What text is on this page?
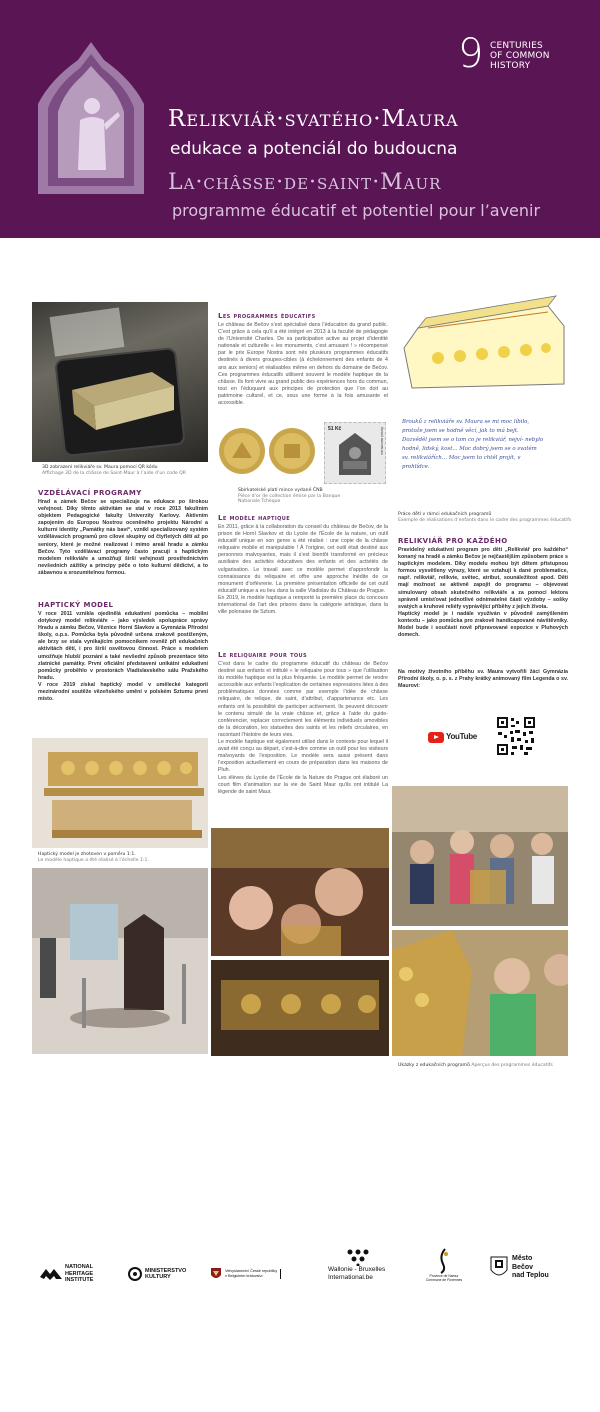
9 CENTURIES
OF COMMON
HISTORY
Relikviář·svatého·Maura
edukace a potenciál do budoucna
La·châsse·de·saint·Maur
programme éducatif et potentiel pour l’avenir
3D zobrazení relikviáře sv. Maura pomocí QR kódu
Affichage 3D de la châsse de Saint-Maur à l’aide d’un code QR
VZDĚLÁVACÍ PROGRAMY
Hrad a zámek Bečov se specializuje na edukace po širokou veřejnost. Díky těmto aktivitám se stal v roce 2013 fakultním objektem Pedagogické fakulty Univerzity Karlovy. Aktivním zapojením do Europou Nostrou oceněného projektu Národní a kulturní identity „Památky nás baví“, vznikl specializovaný systém vzdělávacích programů pro cílové skupiny od čtyřletých dětí až po seniory, které je možné realizovat i mimo areál hradu a zámku Bečov. Tyto vzdělávací programy často pracují s haptickým modelem relikviáře a umožňují širší veřejnosti prostřednictvím nevšedních zážitky a principy péče o toto kulturní dědictví, a to zábavnou a srozumitelnou formou.
HAPTICKÝ MODEL
V roce 2011 vznikla ojedinělá edukativní pomůcka – mobilní dotykový model relikviáře – jako výsledek spolupráce správy Hradu a zámku Bečov, Věznice Horní Slavkov a Gymnázia Přírodní školy, o.p.s. Pomůcka byla původně určena zrakově postiženým, ale brzy se stala vynikajícím pomocníkem rovněž při edukačních aktivitách dětí, i pro širší osvětovou činnost. Práce s modelem umožňuje hlubší poznání a také nevšední způsob prezentace této zlatnické památky. První oficiální představení unikátní edukativní pomůcky proběhlo v prostorách Vladislavského sálu Pražského hradu.
V roce 2019 získal haptický model v umělecké kategorii mezinárodní soutěže vězeňského umění v polském Sztumu první místo.
Haptický model je zhotoven v poměru 1:1.
Le modèle haptique a été réalisé à l’échelle 1:1.
Les programmes éducatifs
Le château de Bečov s’est spécialisé dans l’éducation du grand public. C’est grâce à cela qu’il a été intégré en 2013 à la faculté de pédagogie de l’Université Charles. De sa participation active au projet d’identité nationale et culturelle « les monuments, c’est amusant ! » récompensé par le prix Europe Nostra sont nés plusieurs programmes éducatifs destinés à divers groupes-cibles (à échelonnement des enfants de 4 ans aux seniors) et réalisables même en dehors du domaine de Bečov. Ces programmes éducatifs utilisent souvent le modèle haptique de la châsse. Ils font vivre au grand public des expériences hors du commun, tout en l’éduquant aux principes de protection que l’on doit au patrimoine culturel, et ce, sous une forme à la fois amusante et accessible.
51 Kč	ČESKÁ REPUBLIKA
Sbírkatelské platí mince vydané ČNB
Pièce d’or de collection émise par la Banque Nationale Tchèque
Le modèle haptique
En 2011, grâce à la collaboration du conseil du château de Bečov, de la prison de Horní Slavkov et du Lycée de l’École de la nature, un outil éducatif unique en son genre a été réalisé : une copie de la châsse reliquaire mobile et manipulable ! À l’origine, cet outil était destiné aux personnes malvoyantes, mais il s’est bientôt transformé en précieux auxiliaire des activités éducatives des enfants et des activités de vulgarisation. Le travail avec ce modèle permet d’approfondir la connaissance du reliquaire et offre une approche inédite de ce monument d’orfèvrerie. La première présentation officielle de cet outil éducatif unique a eu lieu dans la salle Vladislav du Château de Prague.
En 2019, le modèle haptique a remporté la première place du concours international de l’art des prisons dans la catégorie artistique, dans la ville polonaise de Sztum.
Le reliquaire pour tous
C’est dans le cadre du programme éducatif du château de Bečov destiné aux enfants et intitulé « le reliquaire pour tous » que l’utilisation du modèle haptique est la plus fréquente. Le modèle permet de rendre accessible aux enfants l’explication de certaines expressions liées à des problématiques données comme par exemple l’idée de châsse reliquaire, de relique, de saint, d’attribut, d’appartenance etc. Les enfants ont la possibilité de participer activement. Ils peuvent découvrir le contenu simulé de la vraie châsse et, grâce à l’aide du guide-conférencier, replacer correctement les éléments individuels amovibles de la décoration, les statuettes des saints et les reliefs circulaires, en racontant l’histoire de leurs vies.
Le modèle haptique est également utilisé dans le contexte pour lequel il avait été conçu au départ, c’est-à-dire comme un outil pour les visiteurs malvoyants de l’exposition. Le modèle sera aussi présent dans l’exposition actuellement en cours de préparation dans les maisons de Pluh.
Les élèves du Lycée de l’École de la Nature de Prague ont élaboré un court film d’animation sur la vie de Saint Maur qu’ils ont intitulé La légende de saint Maur.
Brouků z relikviáře sv. Maura se mi moc líbilo,
protože jsem se hodně věcí, jak to má bejt.
Dozvěděl jsem se o tom co je relikviář, nejví- nebylo
hodně, lidský, kost... Moc dobrý jsem se o svatém
sv. relikviářích... Moc jsem to chtěl projít, v
prohlídce.
Práce dětí v rámci edukačních programů
Exemple de réalisations d’enfants dans le cadre des programmes éducatifs
RELIKVIÁŘ PRO KAŽDÉHO
Pravidelný edukativní program pro děti „Relikviář pro každého“ konaný na hradě a zámku Bečov je nejčastějším způsobem práce s haptickým modelem. Díky modelu mohou být dětem přístupnou formou vysvětleny výrazy, které se vztahují k dané problematice, např. relikviář, relikvie, světec, atribut, sounáležitost apod. Děti mají možnost se aktivně zapojit do programu – objevovat simulovaný obsah skutečného relikviáře a za pomoci lektora správně umísťovat jednotlivé odnímatelné části výzdoby – sošky svatých a kruhové reliéfy vyprávějící příběhy z jejich života.
Haptický model je i nadále využíván v původně zamýšleném kontextu – jako pomůcka pro zrakově handicapované návštěvníky. Model bude i součástí nově připravované expozice v Pluhových domech.
Na motivy životního příběhu sv. Maura vytvořili žáci Gymnázia Přírodní školy, o. p. s. z Prahy krátký animovaný film Legenda o sv. Maurovi:
YouTube
Ukázky z edukačních programů Aperçus des programmes éducatifs
NATIONAL
HERITAGE
INSTITUTE
MINISTERSTVO
KULTURY
Velvyslanectví České republiky
v Belgickém království
Wallonie - Bruxelles
International.be	Province de Namur
Commune de Florennes
Město
Bečov
nad Teplou
